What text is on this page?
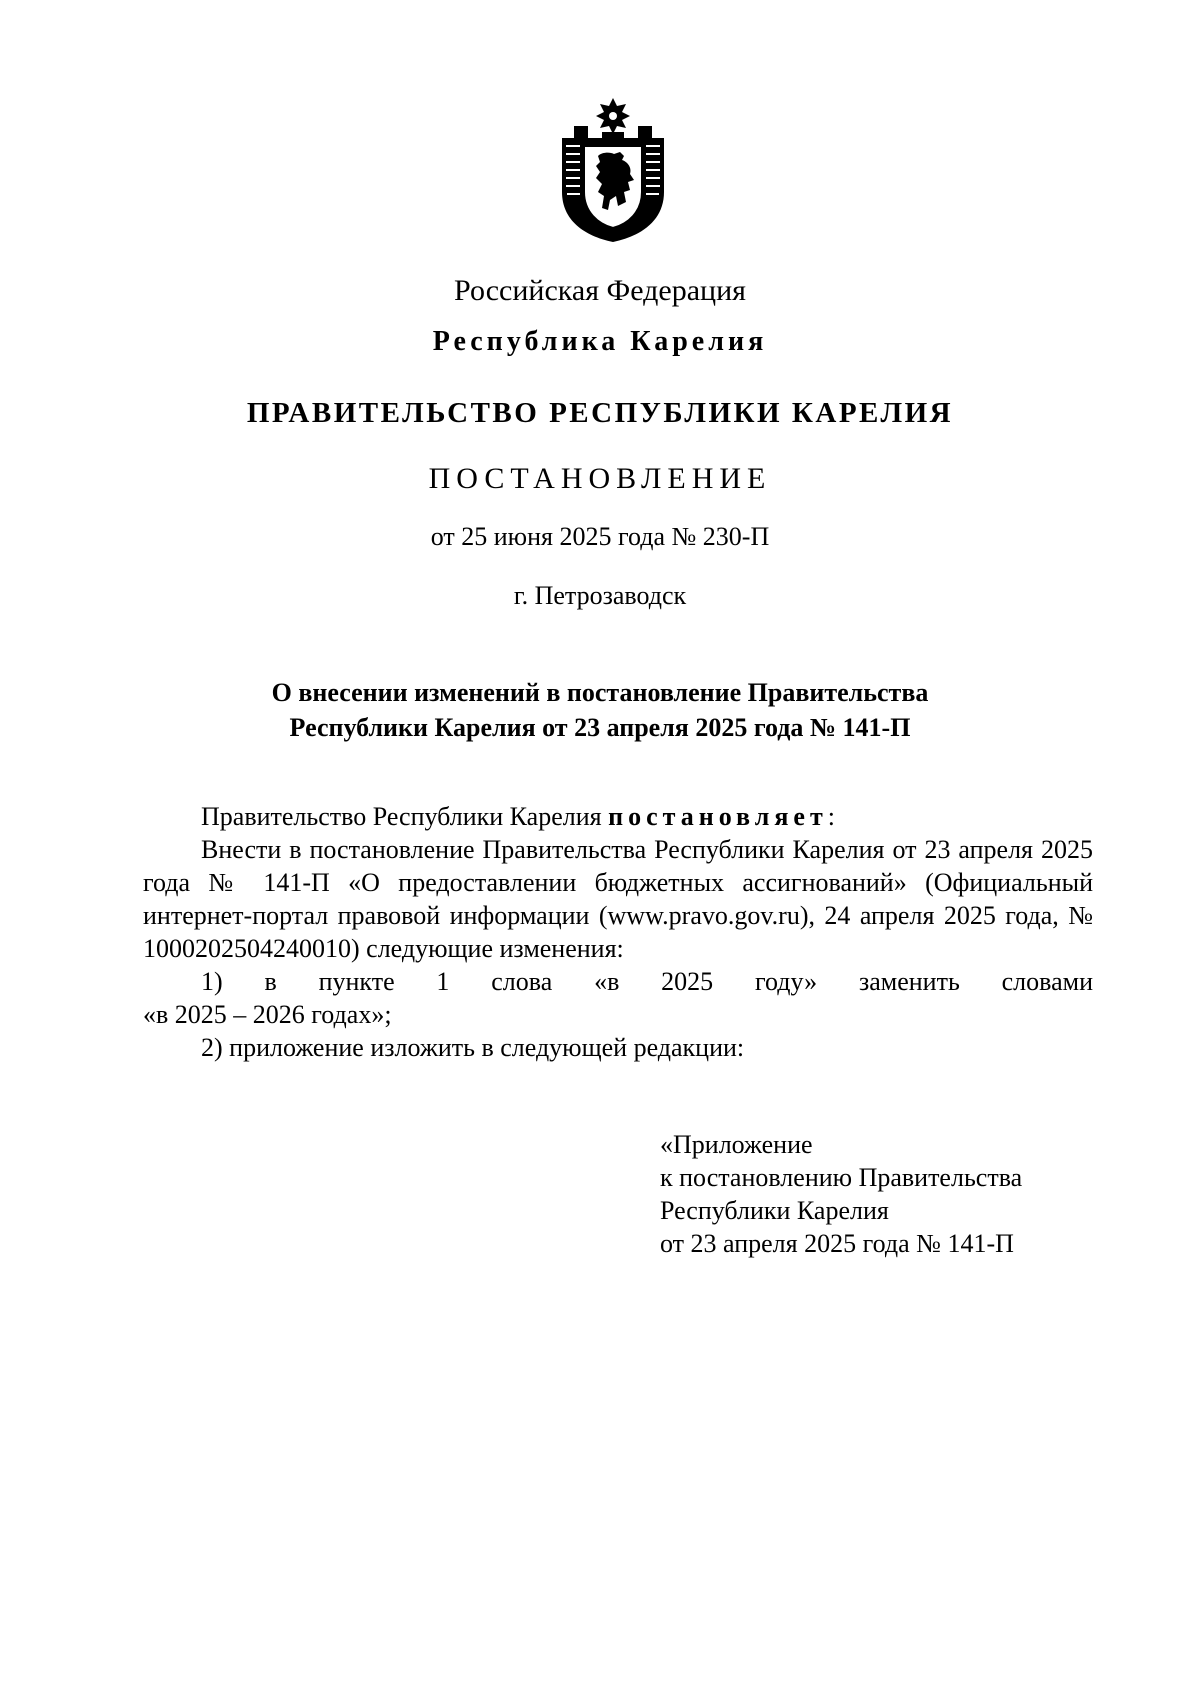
Российская Федерация
Республика Карелия
ПРАВИТЕЛЬСТВО РЕСПУБЛИКИ КАРЕЛИЯ
ПОСТАНОВЛЕНИЕ
от 25 июня 2025 года № 230-П
г. Петрозаводск
О внесении изменений в постановление Правительства
Республики Карелия от 23 апреля 2025 года № 141-П

Правительство Республики Карелия постановляет:

Внести в постановление Правительства Республики Карелия от 23 апреля 2025 года № 141-П «О предоставлении бюджетных ассигнований» (Официальный интернет-портал правовой информации (www.pravo.gov.ru), 24 апреля 2025 года, № 1000202504240010) следующие изменения:

1) в пункте 1 слова «в 2025 году» заменить словами

«в 2025 – 2026 годах»;

2) приложение изложить в следующей редакции:

«Приложение
к постановлению Правительства
Республики Карелия
от 23 апреля 2025 года № 141-П
